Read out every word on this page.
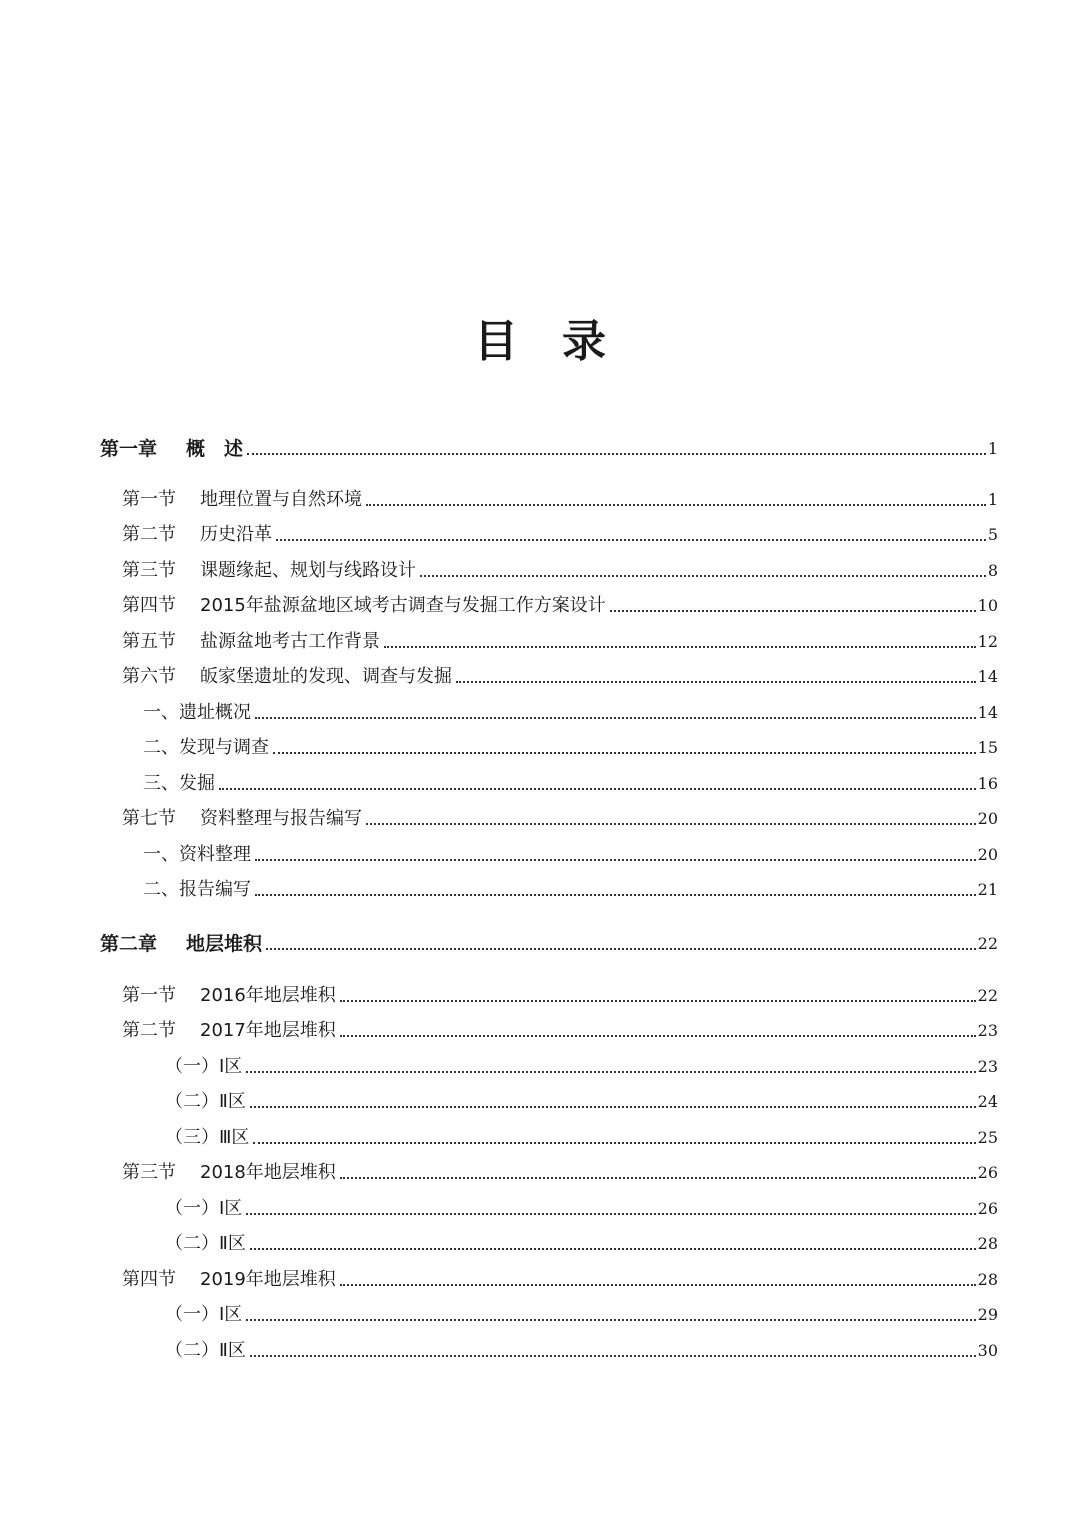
目 录
第一章	概　述	1
第一节	地理位置与自然环境	1
第二节	历史沿革	5
第三节	课题缘起、规划与线路设计	8
第四节	2015年盐源盆地区域考古调查与发掘工作方案设计	10
第五节	盐源盆地考古工作背景	12
第六节	皈家堡遗址的发现、调查与发掘	14
一、遗址概况	14
二、发现与调查	15
三、发掘	16
第七节	资料整理与报告编写	20
一、资料整理	20
二、报告编写	21
第二章	地层堆积	22
第一节	2016年地层堆积	22
第二节	2017年地层堆积	23
（一）Ⅰ区	23
（二）Ⅱ区	24
（三）Ⅲ区	25
第三节	2018年地层堆积	26
（一）Ⅰ区	26
（二）Ⅱ区	28
第四节	2019年地层堆积	28
（一）Ⅰ区	29
（二）Ⅱ区	30
